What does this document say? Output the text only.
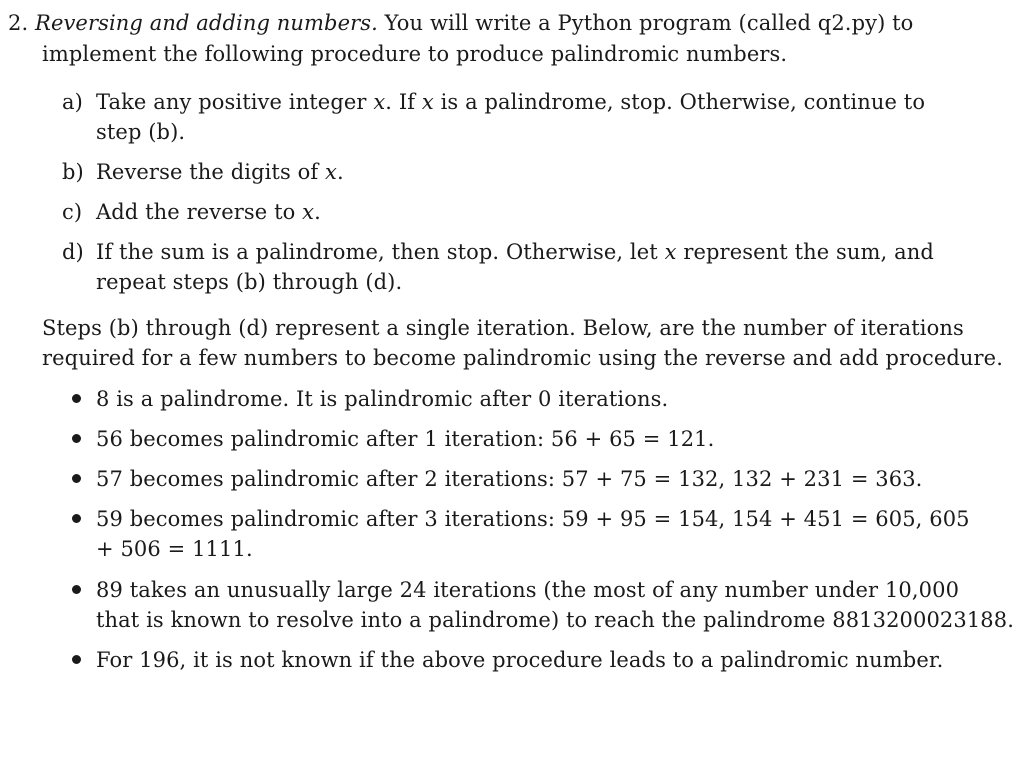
2. Reversing and adding numbers. You will write a Python program (called q2.py) to
implement the following procedure to produce palindromic numbers.
a) Take any positive integer x. If x is a palindrome, stop. Otherwise, continue to
step (b).
b) Reverse the digits of x.
c) Add the reverse to x.
d) If the sum is a palindrome, then stop. Otherwise, let x represent the sum, and
repeat steps (b) through (d).
Steps (b) through (d) represent a single iteration. Below, are the number of iterations
required for a few numbers to become palindromic using the reverse and add procedure.
8 is a palindrome. It is palindromic after 0 iterations.
56 becomes palindromic after 1 iteration: 56 + 65 = 121.
57 becomes palindromic after 2 iterations: 57 + 75 = 132, 132 + 231 = 363.
59 becomes palindromic after 3 iterations: 59 + 95 = 154, 154 + 451 = 605, 605
+ 506 = 1111.
89 takes an unusually large 24 iterations (the most of any number under 10,000
that is known to resolve into a palindrome) to reach the palindrome 8813200023188.
For 196, it is not known if the above procedure leads to a palindromic number.
